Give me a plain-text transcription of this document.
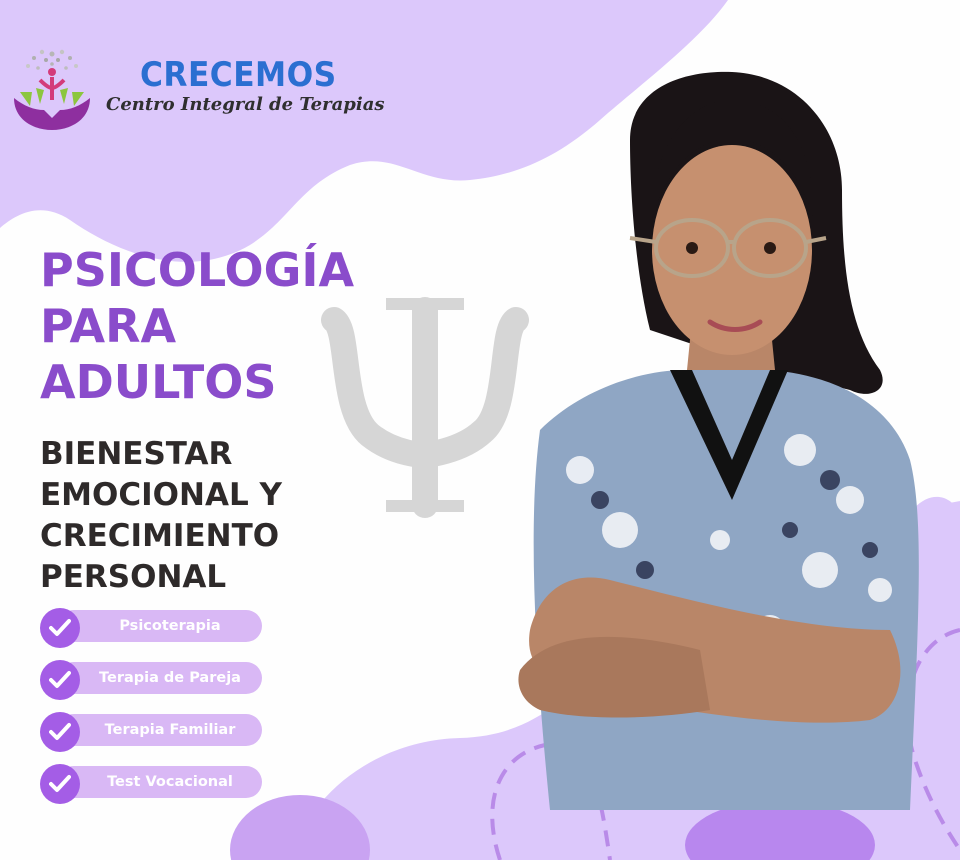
CRECEMOS

Centro Integral de Terapias

PSICOLOGÍA
PARA
ADULTOS
BIENESTAR
EMOCIONAL Y
CRECIMIENTO
PERSONAL
Psicoterapia
Terapia de Pareja
Terapia Familiar
Test Vocacional
